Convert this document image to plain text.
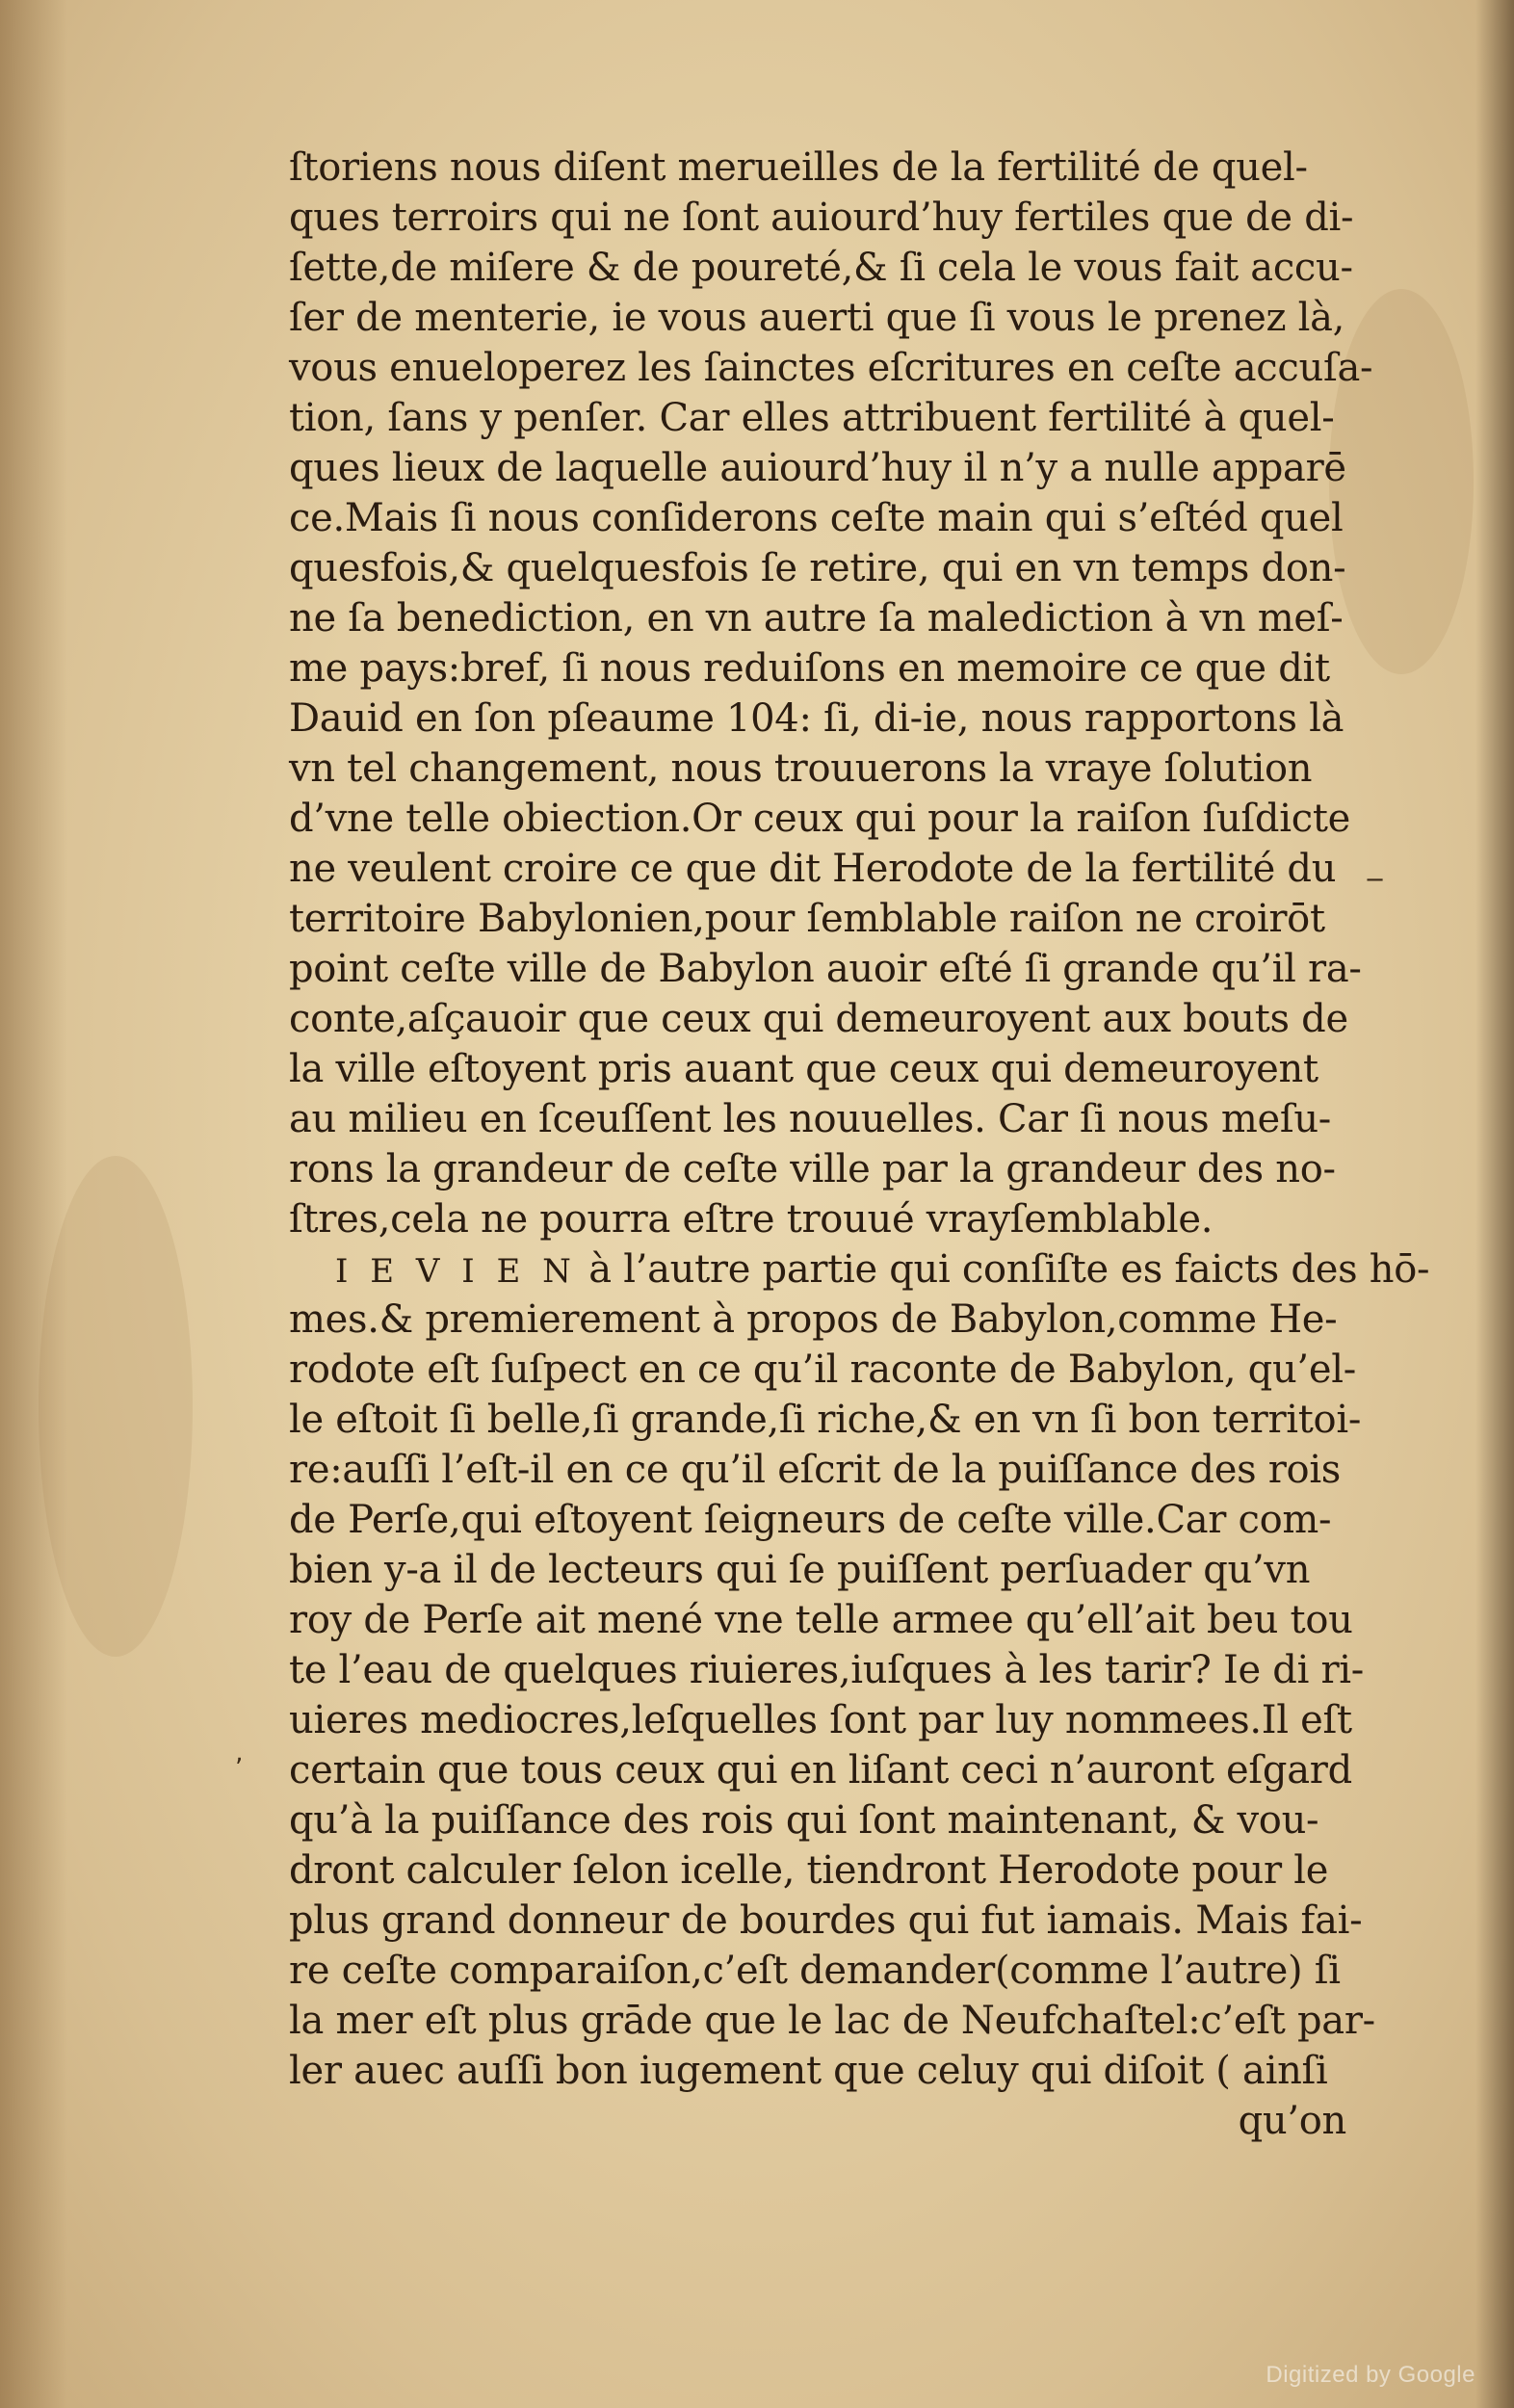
ſtoriens nous diſent merueilles de la fertilité de quel-
ques terroirs qui ne ſont auiourd’huy fertiles que de di-
ſette,de miſere & de poureté,& ſi cela le vous fait accu-
ſer de menterie, ie vous auerti que ſi vous le prenez là,
vous enueloperez les ſainctes eſcritures en ceſte accuſa-
tion, ſans y penſer. Car elles attribuent fertilité à quel-
ques lieux de laquelle auiourd’huy il n’y a nulle apparē
ce.Mais ſi nous conſiderons ceſte main qui s’eſtéd quel
quesfois,& quelquesfois ſe retire, qui en vn temps don-
ne ſa benediction, en vn autre ſa malediction à vn meſ-
me pays:bref, ſi nous reduiſons en memoire ce que dit
Dauid en ſon pſeaume 104: ſi, di-ie, nous rapportons là
vn tel changement, nous trouuerons la vraye ſolution
d’vne telle obiection.Or ceux qui pour la raiſon ſuſdicte
ne veulent croire ce que dit Herodote de la fertilité du
territoire Babylonien,pour ſemblable raiſon ne croirōt
point ceſte ville de Babylon auoir eſté ſi grande qu’il ra-
conte,aſçauoir que ceux qui demeuroyent aux bouts de
la ville eſtoyent pris auant que ceux qui demeuroyent
au milieu en ſceuſſent les nouuelles. Car ſi nous meſu-
rons la grandeur de ceſte ville par la grandeur des no-
ſtres,cela ne pourra eſtre trouué vrayſemblable.
I E V I E N à l’autre partie qui conſiſte es faicts des hō-
mes.& premierement à propos de Babylon,comme He-
rodote eſt ſuſpect en ce qu’il raconte de Babylon, qu’el-
le eſtoit ſi belle,ſi grande,ſi riche,& en vn ſi bon territoi-
re:auſſi l’eſt-il en ce qu’il eſcrit de la puiſſance des rois
de Perſe,qui eſtoyent ſeigneurs de ceſte ville.Car com-
bien y-a il de lecteurs qui ſe puiſſent perſuader qu’vn
roy de Perſe ait mené vne telle armee qu’ell’ait beu tou
te l’eau de quelques riuieres,iuſques à les tarir? Ie di ri-
uieres mediocres,leſquelles ſont par luy nommees.Il eſt
certain que tous ceux qui en liſant ceci n’auront eſgard
qu’à la puiſſance des rois qui ſont maintenant, & vou-
dront calculer ſelon icelle, tiendront Herodote pour le
plus grand donneur de bourdes qui fut iamais. Mais fai-
re ceſte comparaiſon,c’eſt demander(comme l’autre) ſi
la mer eſt plus grāde que le lac de Neufchaſtel:c’eſt par-
ler auec auſſi bon iugement que celuy qui diſoit ( ainſi
qu’on
‒
‚
Digitized by Google
